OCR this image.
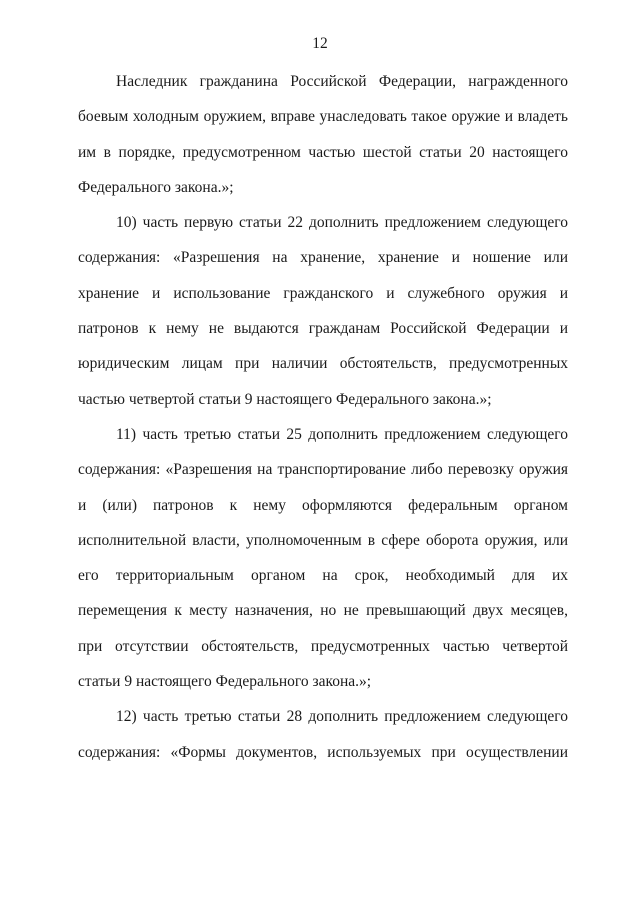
12

Наследник гражданина Российской Федерации, награжденного боевым холодным оружием, вправе унаследовать такое оружие и владеть им в порядке, предусмотренном частью шестой статьи 20 настоящего Федерального закона.»;

10) часть первую статьи 22 дополнить предложением следующего содержания: «Разрешения на хранение, хранение и ношение или хранение и использование гражданского и служебного оружия и патронов к нему не выдаются гражданам Российской Федерации и юридическим лицам при наличии обстоятельств, предусмотренных частью четвертой статьи 9 настоящего Федерального закона.»;

11) часть третью статьи 25 дополнить предложением следующего содержания: «Разрешения на транспортирование либо перевозку оружия и (или) патронов к нему оформляются федеральным органом исполнительной власти, уполномоченным в сфере оборота оружия, или его территориальным органом на срок, необходимый для их перемещения к месту назначения, но не превышающий двух месяцев, при отсутствии обстоятельств, предусмотренных частью четвертой статьи 9 настоящего Федерального закона.»;

12) часть третью статьи 28 дополнить предложением следующего содержания: «Формы документов, используемых при осуществлении
